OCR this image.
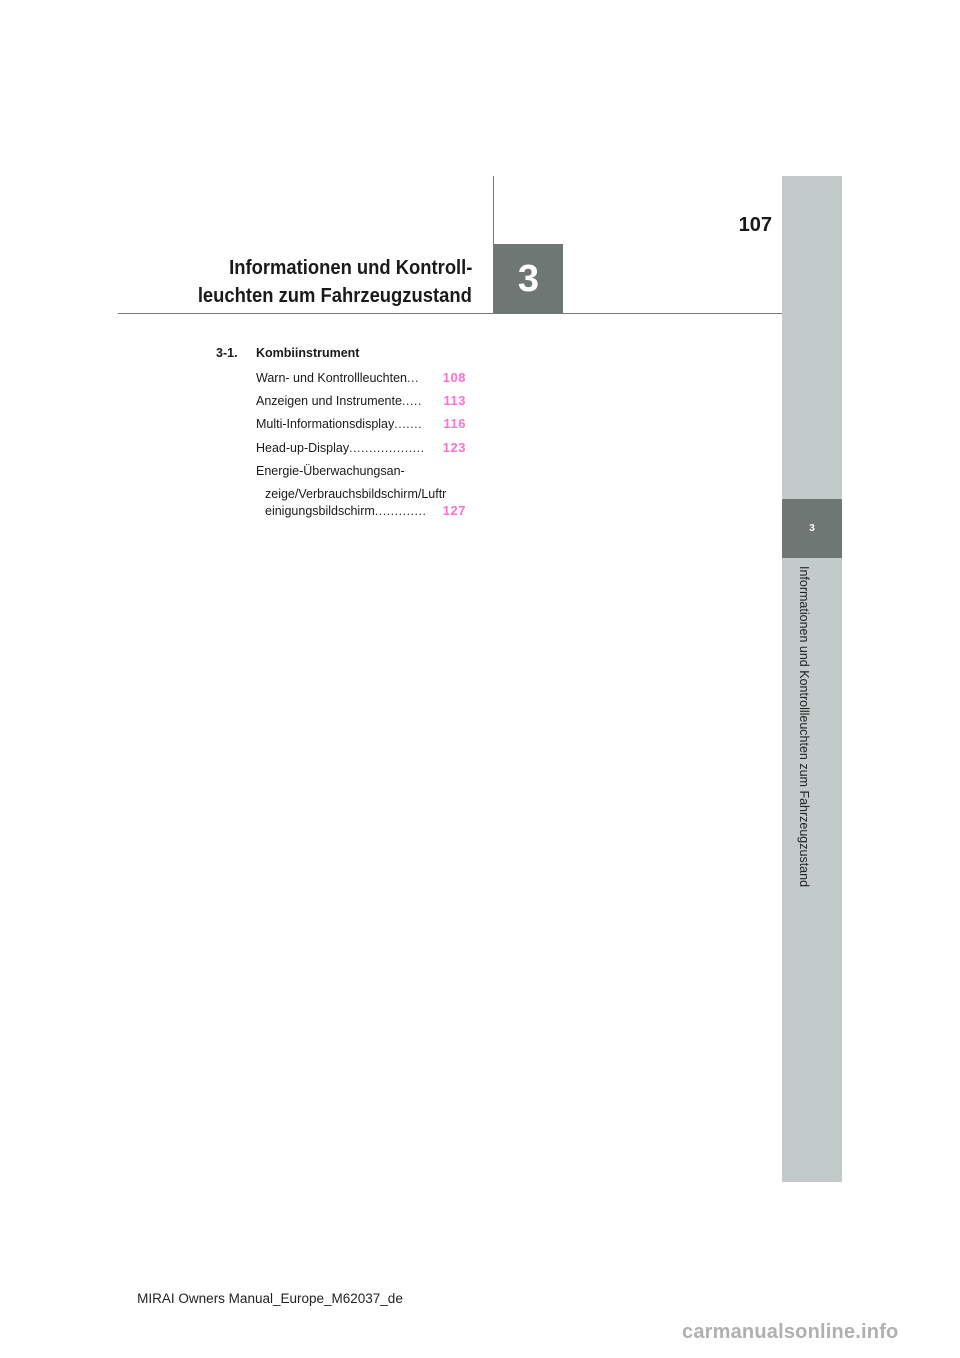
107
Informationen und Kontroll-
leuchten zum Fahrzeugzustand 3
3
Informationen und Kontrollleuchten zum Fahrzeugzustand
3-1. Kombiinstrument
Warn- und Kontrollleuchten ...	108
Anzeigen und Instrumente .....	113
Multi-Informationsdisplay .......	116
Head-up-Display ...................	123
Energie-Überwachungsan-
zeige/Verbrauchsbildschirm/Luftr
einigungsbildschirm .............	127
MIRAI Owners Manual_Europe_M62037_de
carmanualsonline.info
